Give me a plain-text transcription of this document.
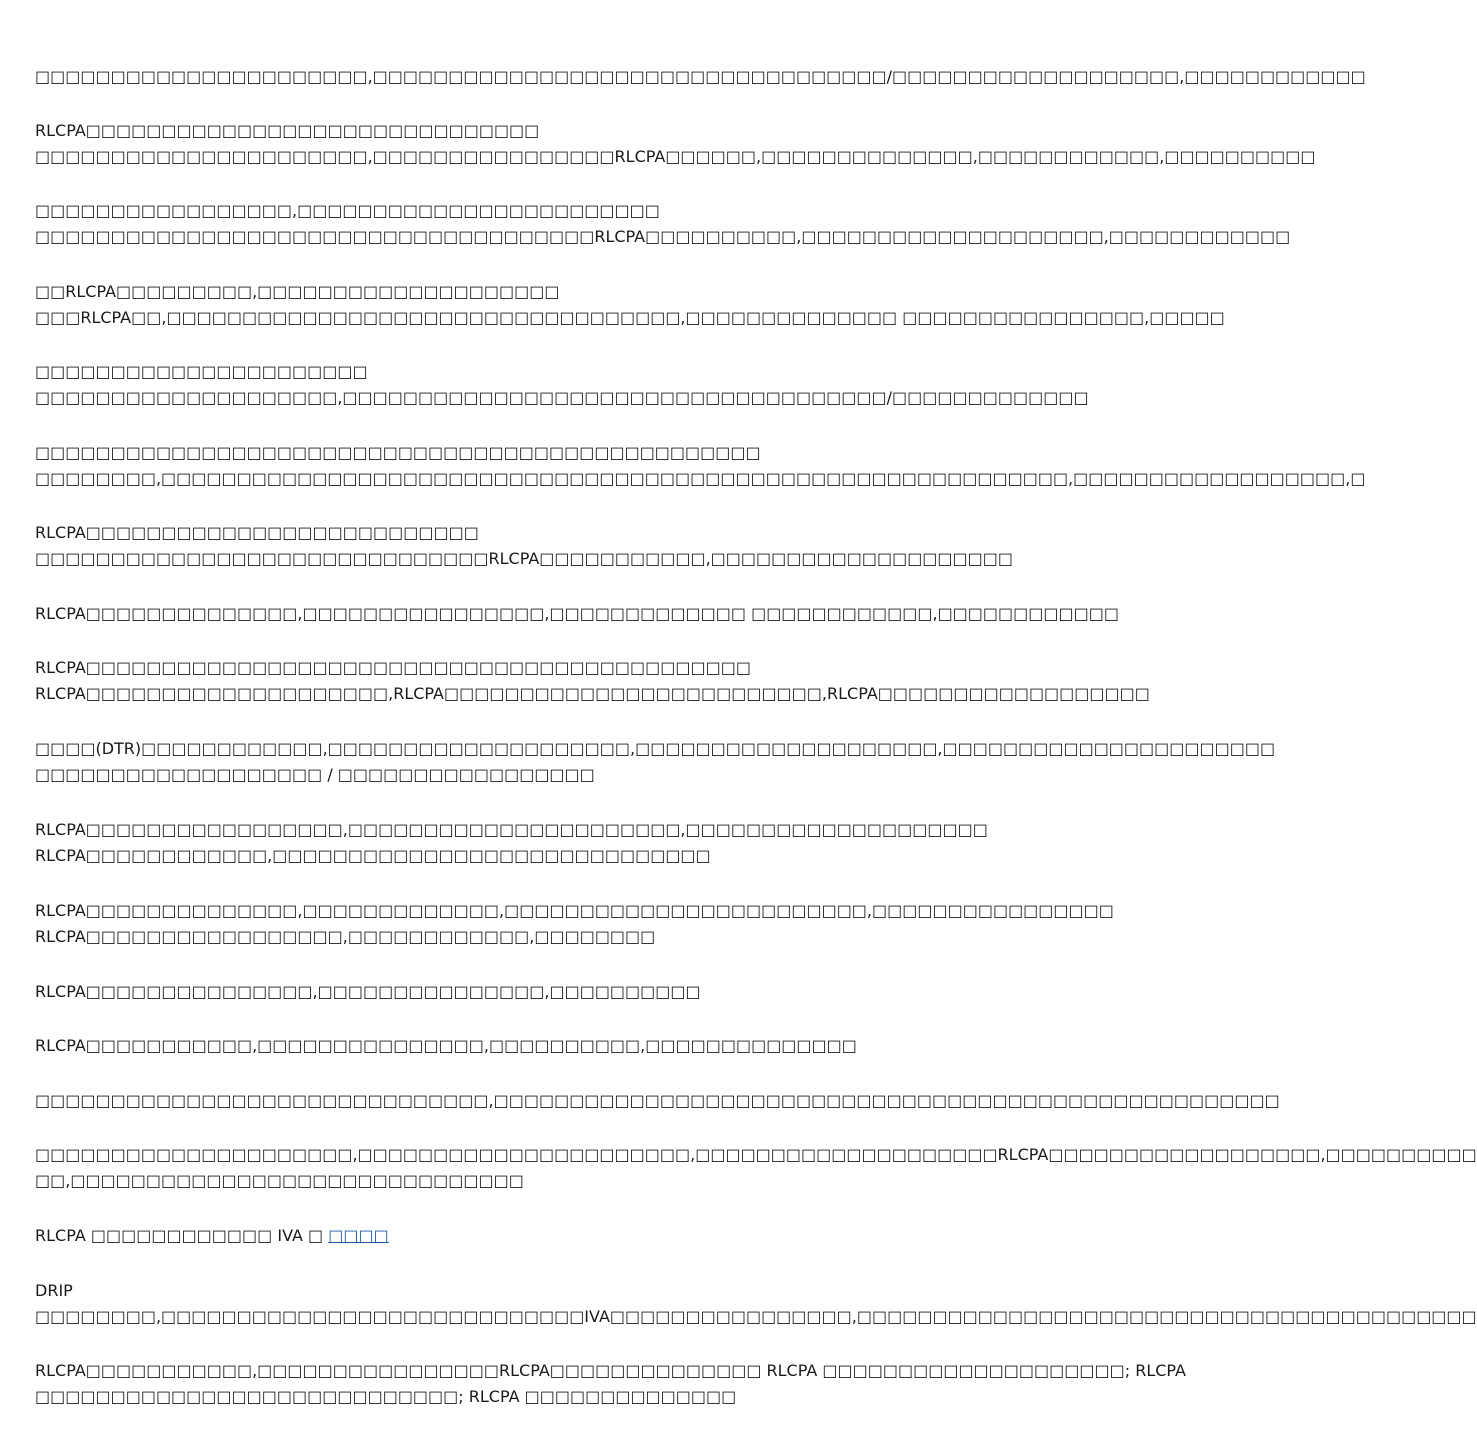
□□□□□□□□□□□□□□□□□□□□□□,□□□□□□□□□□□□□□□□□□□□□□□□□□□□□□□□□□/□□□□□□□□□□□□□□□□□□□,□□□□□□□□□□□□

RLCPA□□□□□□□□□□□□□□□□□□□□□□□□□□□□□□
□□□□□□□□□□□□□□□□□□□□□□,□□□□□□□□□□□□□□□□RLCPA□□□□□□,□□□□□□□□□□□□□□,□□□□□□□□□□□□,□□□□□□□□□□

□□□□□□□□□□□□□□□□□,□□□□□□□□□□□□□□□□□□□□□□□□
□□□□□□□□□□□□□□□□□□□□□□□□□□□□□□□□□□□□□RLCPA□□□□□□□□□□,□□□□□□□□□□□□□□□□□□□□,□□□□□□□□□□□□

□□RLCPA□□□□□□□□□,□□□□□□□□□□□□□□□□□□□□
□□□RLCPA□□,□□□□□□□□□□□□□□□□□□□□□□□□□□□□□□□□□□,□□□□□□□□□□□□□□ □□□□□□□□□□□□□□□□,□□□□□

□□□□□□□□□□□□□□□□□□□□□□
□□□□□□□□□□□□□□□□□□□□,□□□□□□□□□□□□□□□□□□□□□□□□□□□□□□□□□□□□/□□□□□□□□□□□□□

□□□□□□□□□□□□□□□□□□□□□□□□□□□□□□□□□□□□□□□□□□□□□□□□
□□□□□□□□,□□□□□□□□□□□□□□□□□□□□□□□□□□□□□□□□□□□□□□□□□□□□□□□□□□□□□□□□□□□□,□□□□□□□□□□□□□□□□□□,□

RLCPA□□□□□□□□□□□□□□□□□□□□□□□□□□
□□□□□□□□□□□□□□□□□□□□□□□□□□□□□□RLCPA□□□□□□□□□□□,□□□□□□□□□□□□□□□□□□□□

RLCPA□□□□□□□□□□□□□□,□□□□□□□□□□□□□□□□,□□□□□□□□□□□□□ □□□□□□□□□□□□,□□□□□□□□□□□□

RLCPA□□□□□□□□□□□□□□□□□□□□□□□□□□□□□□□□□□□□□□□□□□□□
RLCPA□□□□□□□□□□□□□□□□□□□□,RLCPA□□□□□□□□□□□□□□□□□□□□□□□□□,RLCPA□□□□□□□□□□□□□□□□□□

□□□□(DTR)□□□□□□□□□□□□,□□□□□□□□□□□□□□□□□□□□,□□□□□□□□□□□□□□□□□□□□,□□□□□□□□□□□□□□□□□□□□□□
□□□□□□□□□□□□□□□□□□□ / □□□□□□□□□□□□□□□□□

RLCPA□□□□□□□□□□□□□□□□□,□□□□□□□□□□□□□□□□□□□□□□,□□□□□□□□□□□□□□□□□□□□
RLCPA□□□□□□□□□□□□,□□□□□□□□□□□□□□□□□□□□□□□□□□□□□

RLCPA□□□□□□□□□□□□□□,□□□□□□□□□□□□□,□□□□□□□□□□□□□□□□□□□□□□□□,□□□□□□□□□□□□□□□□
RLCPA□□□□□□□□□□□□□□□□□,□□□□□□□□□□□□,□□□□□□□□

RLCPA□□□□□□□□□□□□□□□,□□□□□□□□□□□□□□□,□□□□□□□□□□

RLCPA□□□□□□□□□□□,□□□□□□□□□□□□□□□,□□□□□□□□□□,□□□□□□□□□□□□□□

□□□□□□□□□□□□□□□□□□□□□□□□□□□□□□,□□□□□□□□□□□□□□□□□□□□□□□□□□□□□□□□□□□□□□□□□□□□□□□□□□□□

□□□□□□□□□□□□□□□□□□□□□,□□□□□□□□□□□□□□□□□□□□□□,□□□□□□□□□□□□□□□□□□□□RLCPA□□□□□□□□□□□□□□□□□□,□□□□□□□□□□
□□,□□□□□□□□□□□□□□□□□□□□□□□□□□□□□□

RLCPA □□□□□□□□□□□□ IVA □ □□□□

DRIP
□□□□□□□□,□□□□□□□□□□□□□□□□□□□□□□□□□□□□IVA□□□□□□□□□□□□□□□□,□□□□□□□□□□□□□□□□□□□□□□□□□□□□□□□□□□□□□□□□□

RLCPA□□□□□□□□□□□,□□□□□□□□□□□□□□□□RLCPA□□□□□□□□□□□□□□ RLCPA □□□□□□□□□□□□□□□□□□□□; RLCPA
□□□□□□□□□□□□□□□□□□□□□□□□□□□□; RLCPA □□□□□□□□□□□□□□
